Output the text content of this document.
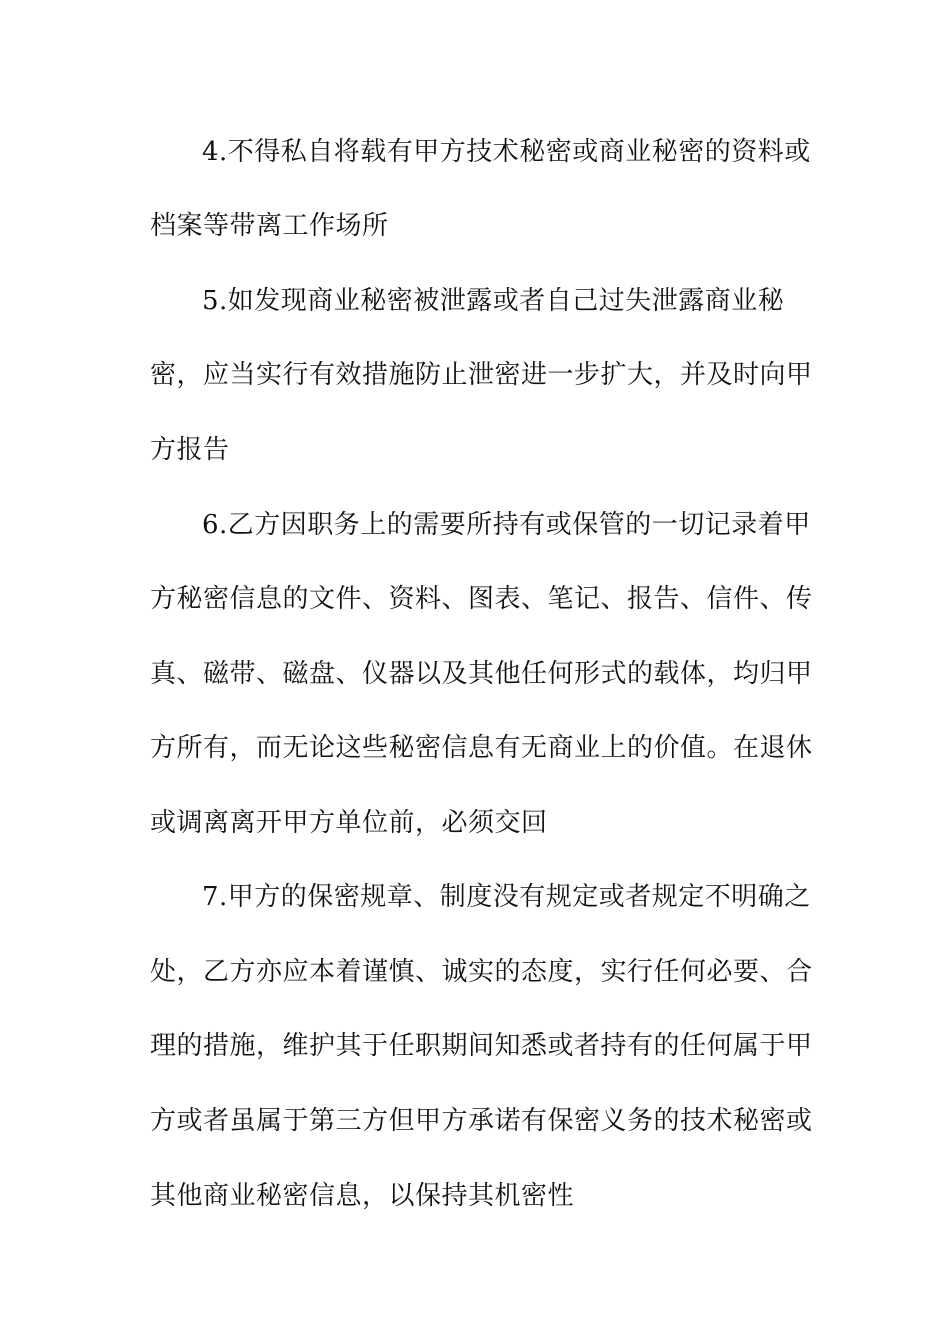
4.不得私自将载有甲方技术秘密或商业秘密的资料或
档案等带离工作场所
5.如发现商业秘密被泄露或者自己过失泄露商业秘
密，应当实行有效措施防止泄密进一步扩大，并及时向甲
方报告
6.乙方因职务上的需要所持有或保管的一切记录着甲
方秘密信息的文件、资料、图表、笔记、报告、信件、传
真、磁带、磁盘、仪器以及其他任何形式的载体，均归甲
方所有，而无论这些秘密信息有无商业上的价值。在退休
或调离离开甲方单位前，必须交回
7.甲方的保密规章、制度没有规定或者规定不明确之
处，乙方亦应本着谨慎、诚实的态度，实行任何必要、合
理的措施，维护其于任职期间知悉或者持有的任何属于甲
方或者虽属于第三方但甲方承诺有保密义务的技术秘密或
其他商业秘密信息，以保持其机密性
